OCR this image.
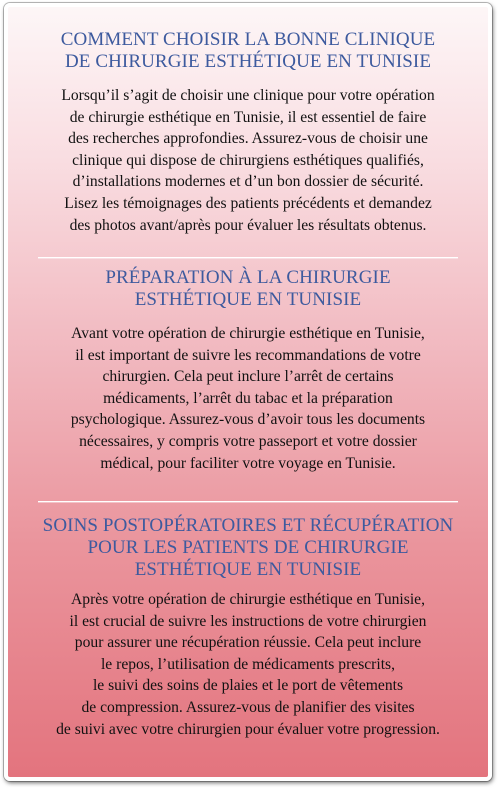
COMMENT CHOISIR LA BONNE CLINIQUE
DE CHIRURGIE ESTHÉTIQUE EN TUNISIE

Lorsqu’il s’agit de choisir une clinique pour votre opération
de chirurgie esthétique en Tunisie, il est essentiel de faire
des recherches approfondies. Assurez-vous de choisir une
clinique qui dispose de chirurgiens esthétiques qualifiés,
d’installations modernes et d’un bon dossier de sécurité.
Lisez les témoignages des patients précédents et demandez
des photos avant/après pour évaluer les résultats obtenus.

PRÉPARATION À LA CHIRURGIE
ESTHÉTIQUE EN TUNISIE

Avant votre opération de chirurgie esthétique en Tunisie,
il est important de suivre les recommandations de votre
chirurgien. Cela peut inclure l’arrêt de certains
médicaments, l’arrêt du tabac et la préparation
psychologique. Assurez-vous d’avoir tous les documents
nécessaires, y compris votre passeport et votre dossier
médical, pour faciliter votre voyage en Tunisie.

SOINS POSTOPÉRATOIRES ET RÉCUPÉRATION
POUR LES PATIENTS DE CHIRURGIE
ESTHÉTIQUE EN TUNISIE

Après votre opération de chirurgie esthétique en Tunisie,
il est crucial de suivre les instructions de votre chirurgien
pour assurer une récupération réussie. Cela peut inclure
le repos, l’utilisation de médicaments prescrits,
le suivi des soins de plaies et le port de vêtements
de compression. Assurez-vous de planifier des visites
de suivi avec votre chirurgien pour évaluer votre progression.
